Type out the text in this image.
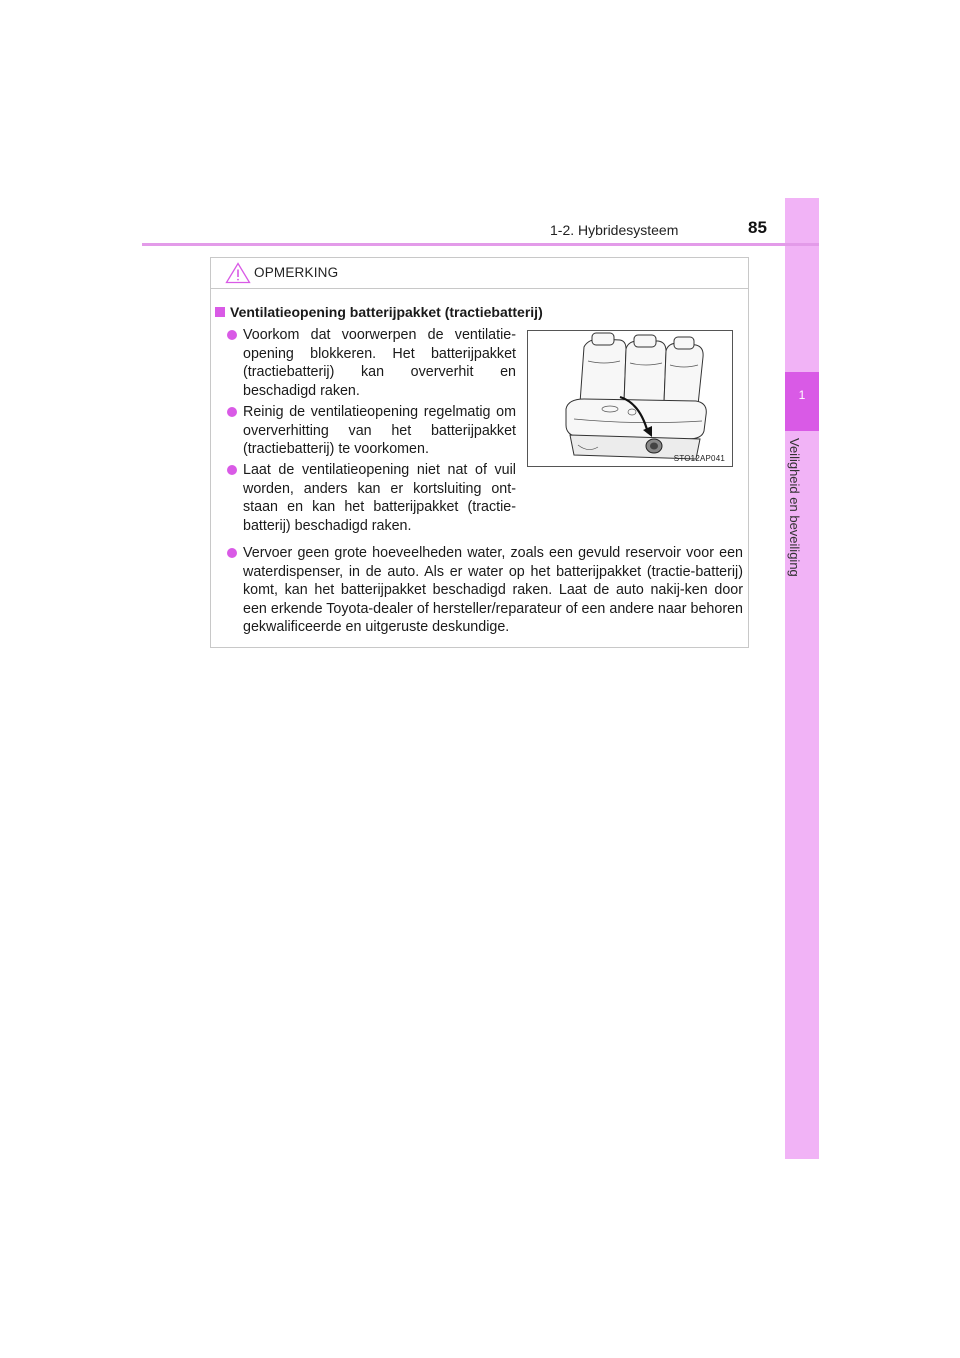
1
Veiligheid en beveiliging
1-2. Hybridesysteem	85
OPMERKING
Ventilatieopening batterijpakket (tractiebatterij)
Voorkom dat voorwerpen de ventilatie-opening blokkeren. Het batterijpakket (tractiebatterij) kan oververhit en beschadigd raken.
Reinig de ventilatieopening regelmatig om oververhitting van het batterijpakket (tractiebatterij) te voorkomen.
Laat de ventilatieopening niet nat of vuil worden, anders kan er kortsluiting ont-staan en kan het batterijpakket (tractie-batterij) beschadigd raken.
STO12AP041
Vervoer geen grote hoeveelheden water, zoals een gevuld reservoir voor een waterdispenser, in de auto. Als er water op het batterijpakket (tractie-batterij) komt, kan het batterijpakket beschadigd raken. Laat de auto nakij-ken door een erkende Toyota-dealer of hersteller/reparateur of een andere naar behoren gekwalificeerde en uitgeruste deskundige.
